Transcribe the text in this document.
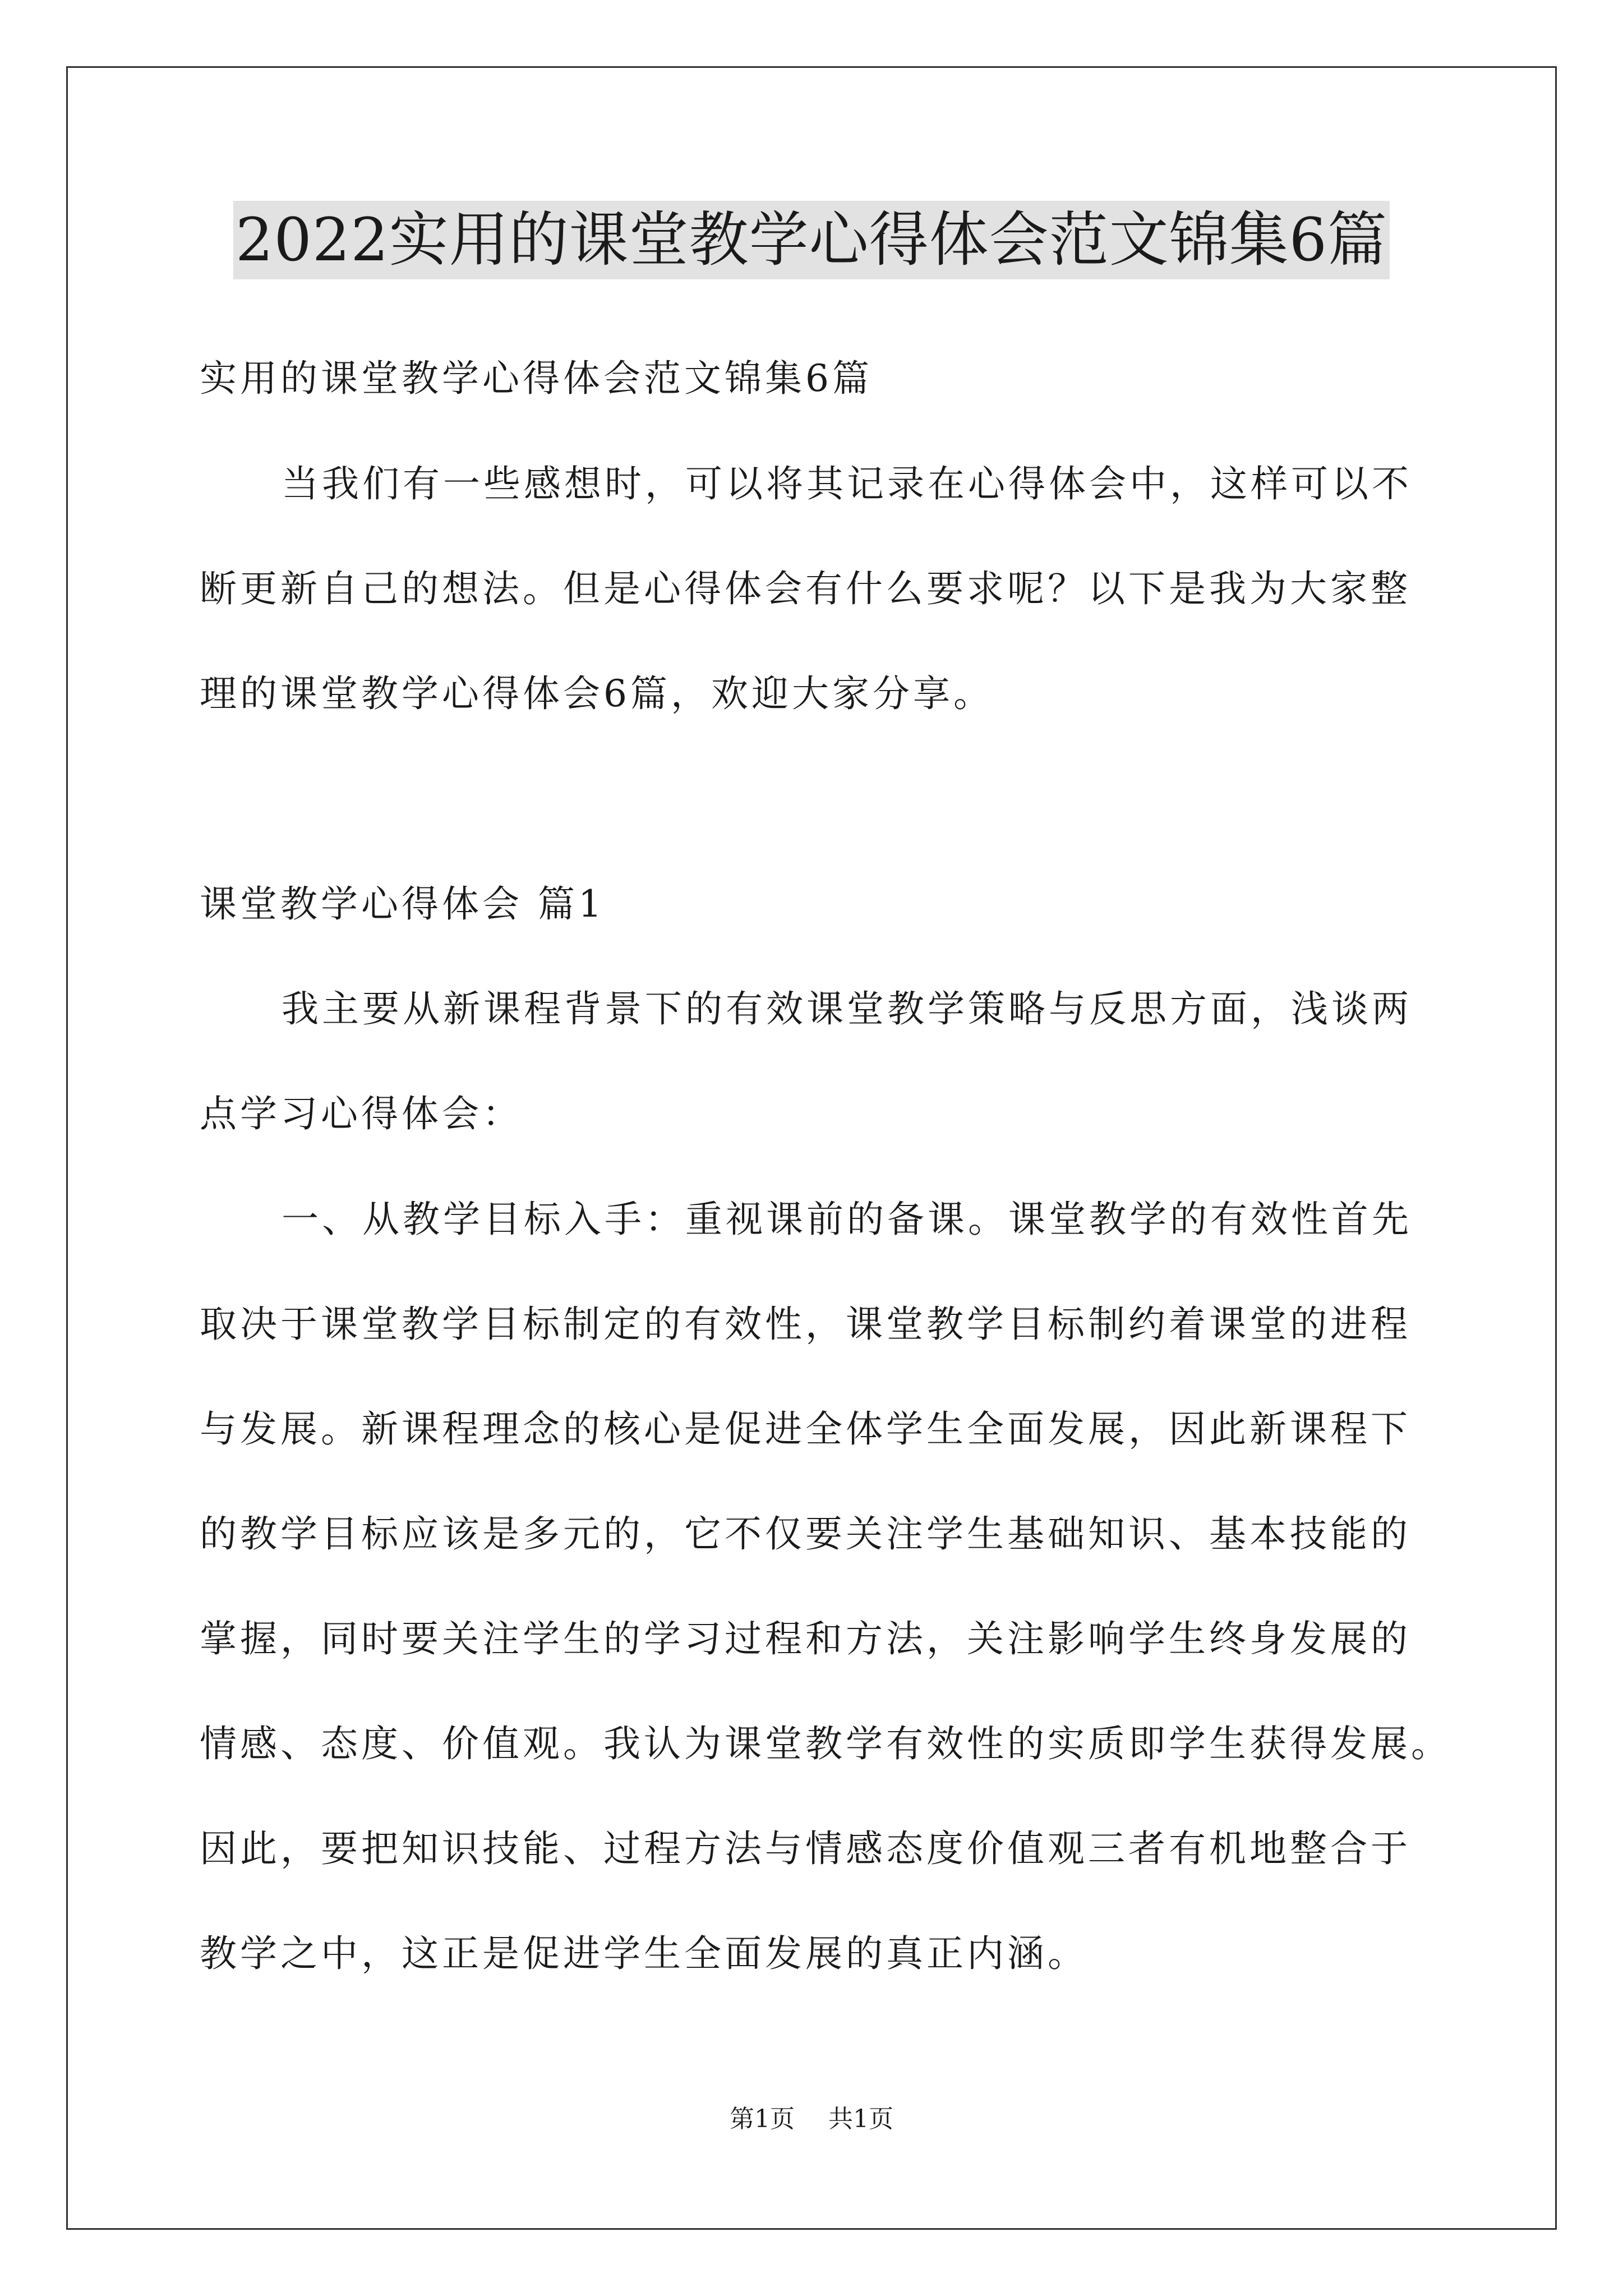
2022实用的课堂教学心得体会范文锦集6篇
实用的课堂教学心得体会范文锦集6篇
当我们有一些感想时，可以将其记录在心得体会中，这样可以不
断更新自己的想法。但是心得体会有什么要求呢？以下是我为大家整
理的课堂教学心得体会6篇，欢迎大家分享。
课堂教学心得体会 篇1
我主要从新课程背景下的有效课堂教学策略与反思方面，浅谈两
点学习心得体会：
一、从教学目标入手：重视课前的备课。课堂教学的有效性首先
取决于课堂教学目标制定的有效性，课堂教学目标制约着课堂的进程
与发展。新课程理念的核心是促进全体学生全面发展，因此新课程下
的教学目标应该是多元的，它不仅要关注学生基础知识、基本技能的
掌握，同时要关注学生的学习过程和方法，关注影响学生终身发展的
情感、态度、价值观。我认为课堂教学有效性的实质即学生获得发展。
因此，要把知识技能、过程方法与情感态度价值观三者有机地整合于
教学之中，这正是促进学生全面发展的真正内涵。
第1页 共1页
